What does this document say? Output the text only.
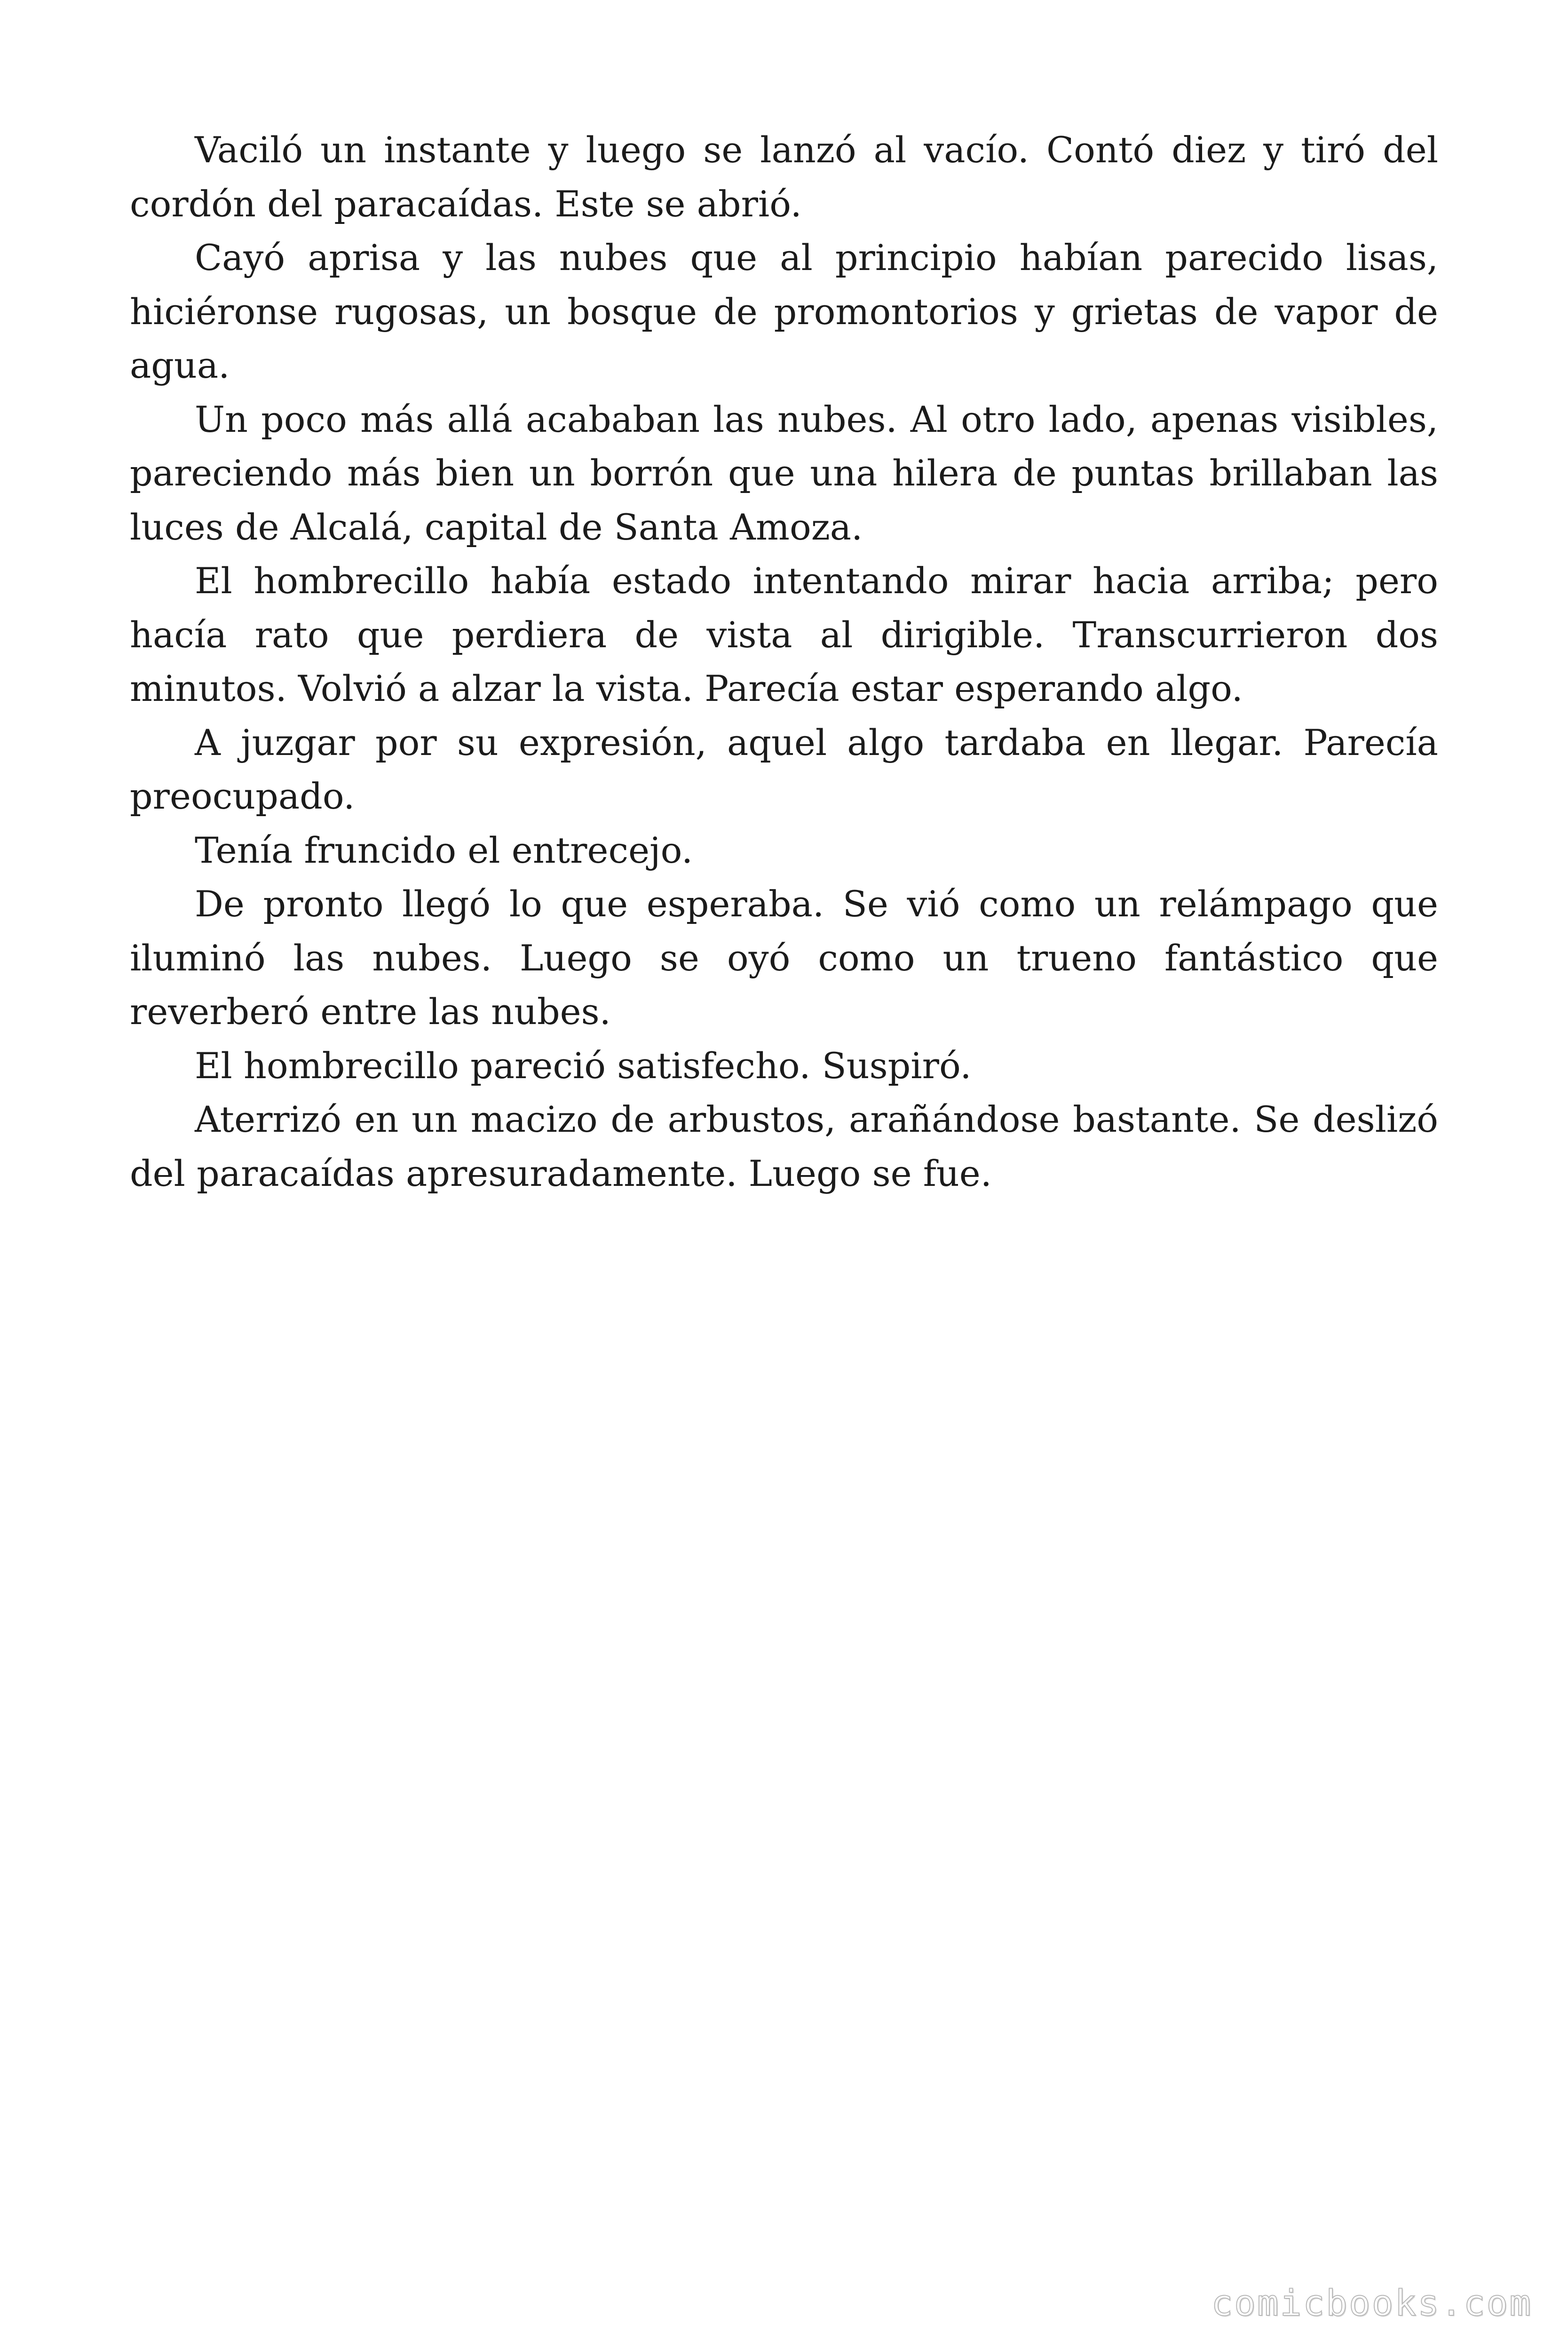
Vaciló un instante y luego se lanzó al vacío. Contó diez y tiró del cordón del paracaídas. Este se abrió.

Cayó aprisa y las nubes que al principio habían parecido lisas, hiciéronse rugosas, un bosque de promontorios y grietas de vapor de agua.

Un poco más allá acababan las nubes. Al otro lado, apenas visibles, pareciendo más bien un borrón que una hilera de puntas brillaban las luces de Alcalá, capital de Santa Amoza.

El hombrecillo había estado intentando mirar hacia arriba; pero hacía rato que perdiera de vista al dirigible. Transcurrieron dos minutos. Volvió a alzar la vista. Parecía estar esperando algo.

A juzgar por su expresión, aquel algo tardaba en llegar. Parecía preocupado.

Tenía fruncido el entrecejo.

De pronto llegó lo que esperaba. Se vió como un relámpago que iluminó las nubes. Luego se oyó como un trueno fantástico que reverberó entre las nubes.

El hombrecillo pareció satisfecho. Suspiró.

Aterrizó en un macizo de arbustos, arañándose bastante. Se deslizó del paracaídas apresuradamente. Luego se fue.

comicbooks.com
